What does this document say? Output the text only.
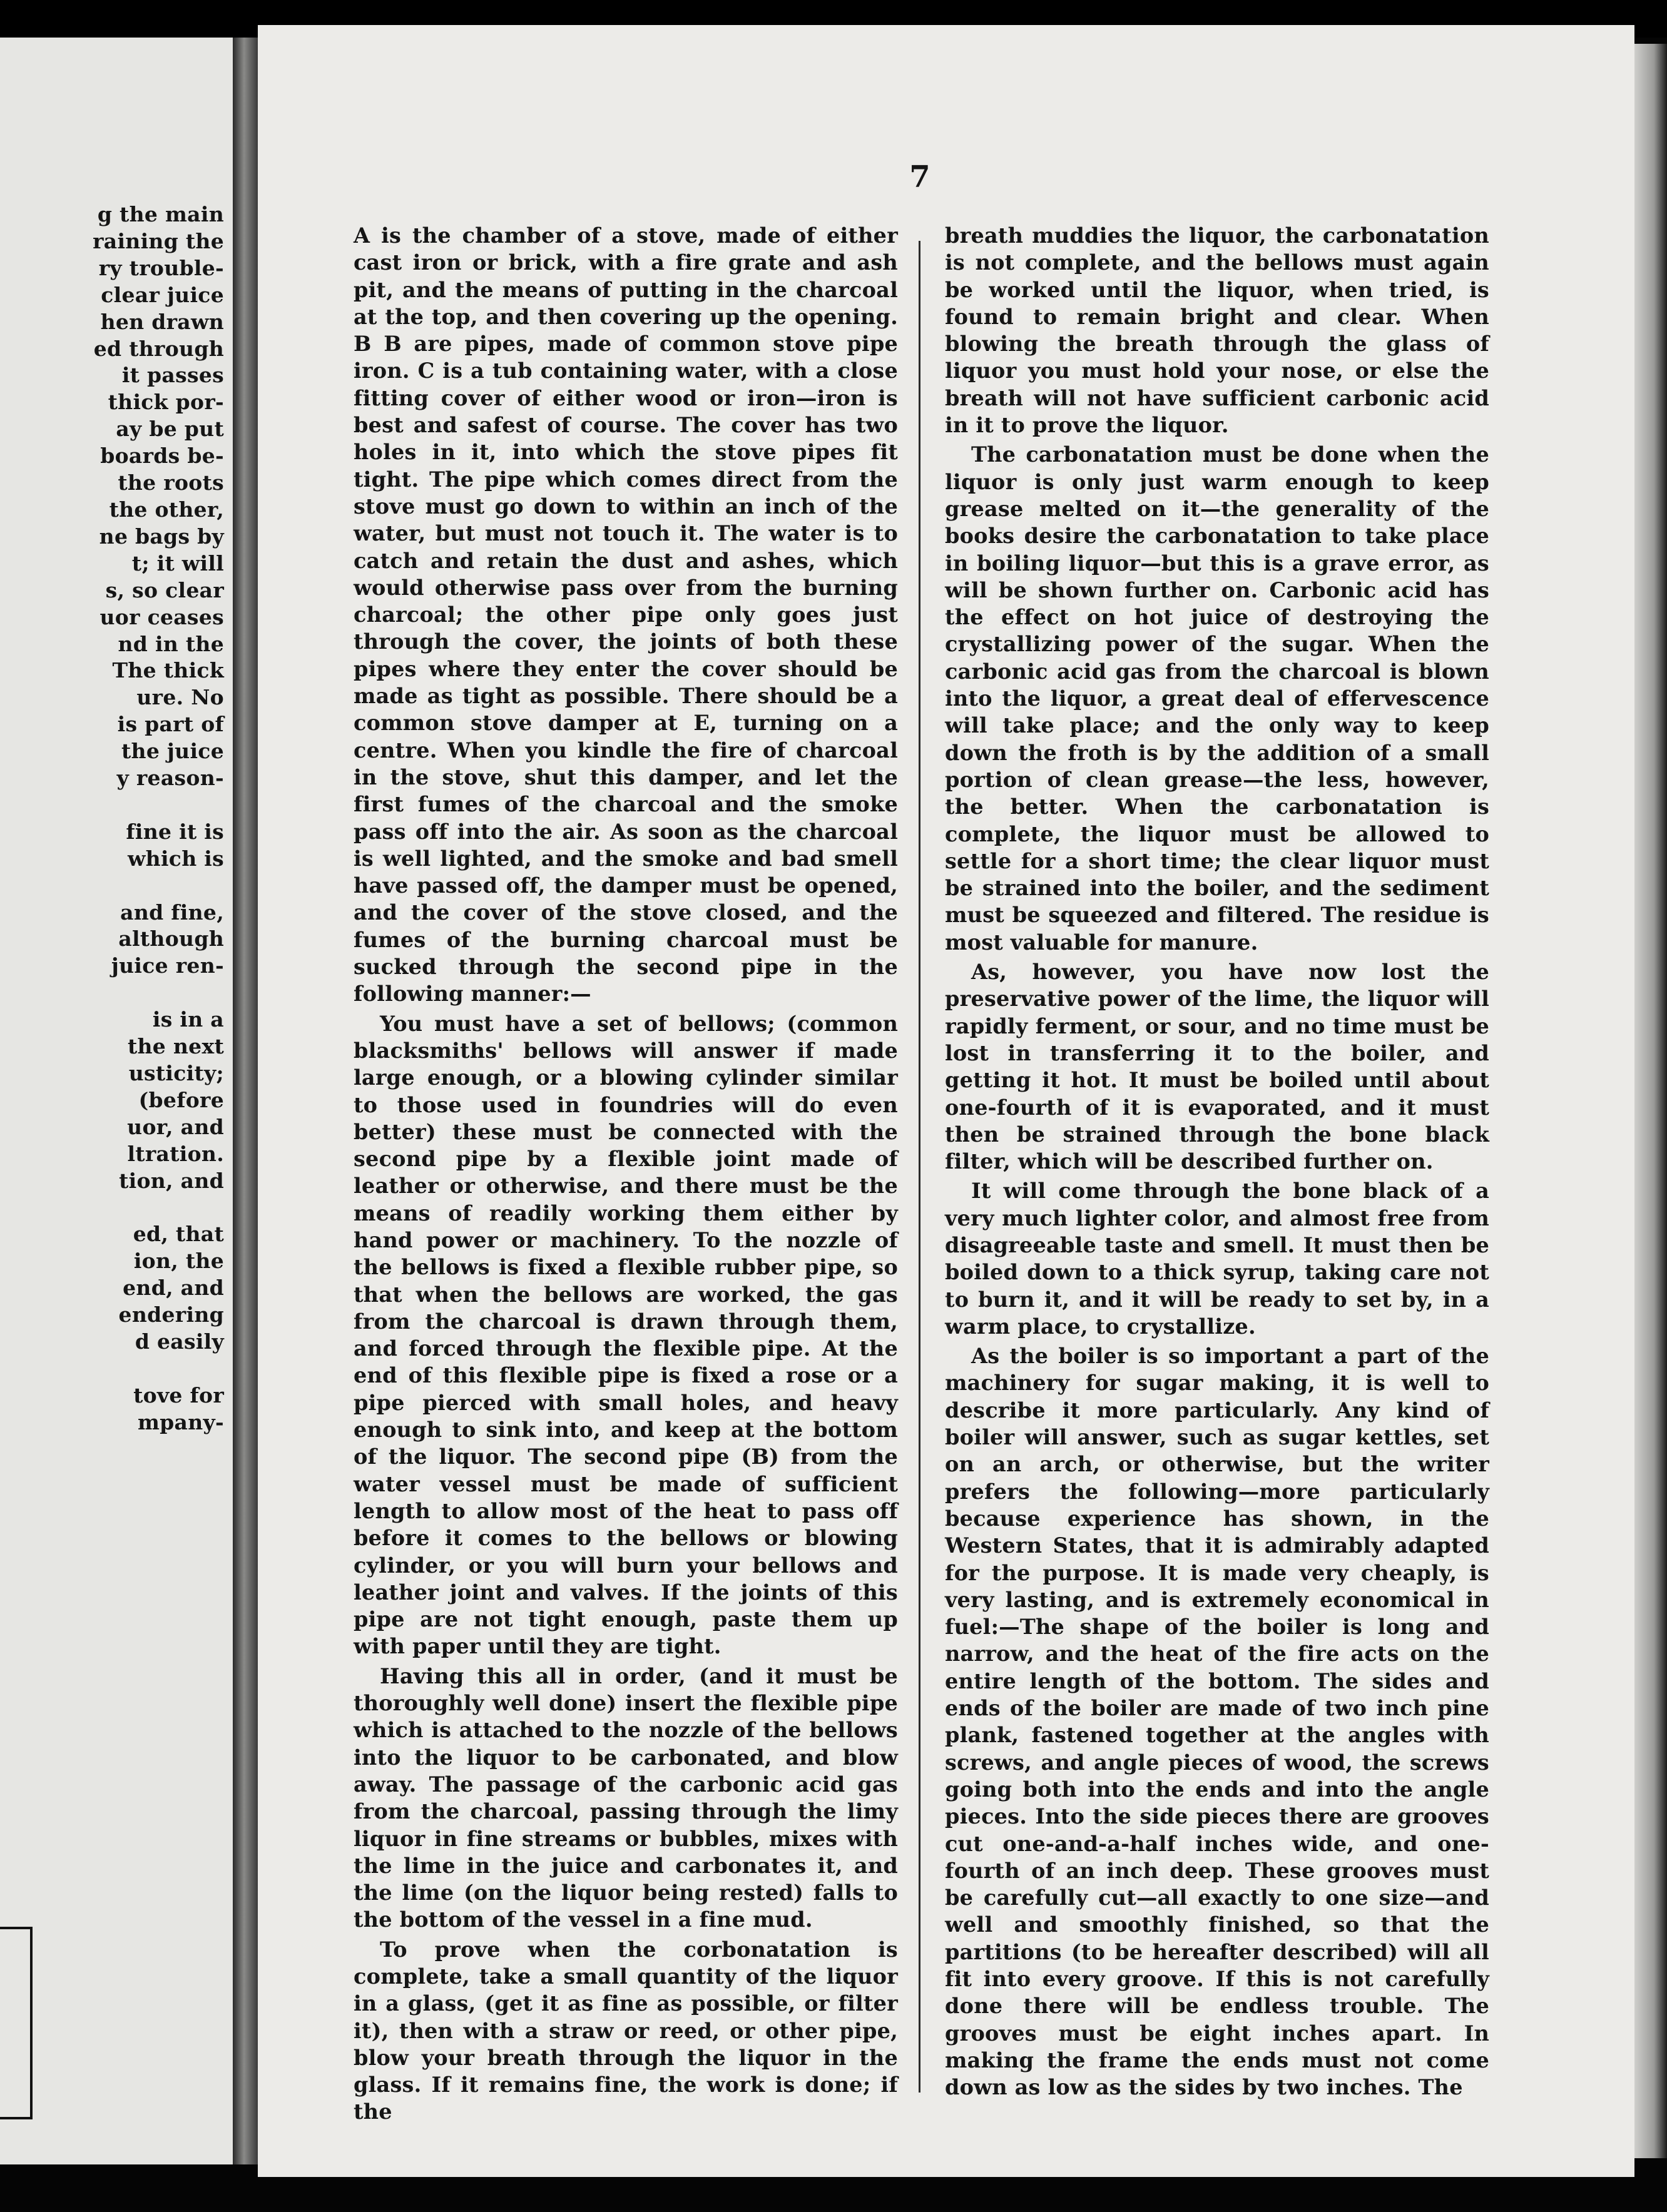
g the main
raining the
ry trouble-
clear juice
hen drawn
ed through
it passes
thick por-
ay be put
boards be-
the roots
the other,
ne bags by
t; it will
s, so clear
uor ceases
nd in the
The thick
ure. No
is part of
the juice
y reason-

fine it is
which is

and fine,
although
juice ren-

is in a
the next
usticity;
(before
uor, and
ltration.
tion, and

ed, that
ion, the
end, and
endering
d easily

tove for
mpany-
7

A is the chamber of a stove, made of either cast iron or brick, with a fire grate and ash pit, and the means of putting in the charcoal at the top, and then covering up the opening. B B are pipes, made of common stove pipe iron. C is a tub containing water, with a close fitting cover of either wood or iron—iron is best and safest of course. The cover has two holes in it, into which the stove pipes fit tight. The pipe which comes direct from the stove must go down to within an inch of the water, but must not touch it. The water is to catch and retain the dust and ashes, which would otherwise pass over from the burning charcoal; the other pipe only goes just through the cover, the joints of both these pipes where they enter the cover should be made as tight as possible. There should be a common stove damper at E, turning on a centre. When you kindle the fire of charcoal in the stove, shut this damper, and let the first fumes of the charcoal and the smoke pass off into the air. As soon as the charcoal is well lighted, and the smoke and bad smell have passed off, the damper must be opened, and the cover of the stove closed, and the fumes of the burning charcoal must be sucked through the second pipe in the following manner:—

You must have a set of bellows; (common blacksmiths' bellows will answer if made large enough, or a blowing cylinder similar to those used in foundries will do even better) these must be connected with the second pipe by a flexible joint made of leather or otherwise, and there must be the means of readily working them either by hand power or machinery. To the nozzle of the bellows is fixed a flexible rubber pipe, so that when the bellows are worked, the gas from the charcoal is drawn through them, and forced through the flexible pipe. At the end of this flexible pipe is fixed a rose or a pipe pierced with small holes, and heavy enough to sink into, and keep at the bottom of the liquor. The second pipe (B) from the water vessel must be made of sufficient length to allow most of the heat to pass off before it comes to the bellows or blowing cylinder, or you will burn your bellows and leather joint and valves. If the joints of this pipe are not tight enough, paste them up with paper until they are tight.

Having this all in order, (and it must be thoroughly well done) insert the flexible pipe which is attached to the nozzle of the bellows into the liquor to be carbonated, and blow away. The passage of the carbonic acid gas from the charcoal, passing through the limy liquor in fine streams or bubbles, mixes with the lime in the juice and carbonates it, and the lime (on the liquor being rested) falls to the bottom of the vessel in a fine mud.

To prove when the corbonatation is complete, take a small quantity of the liquor in a glass, (get it as fine as possible, or filter it), then with a straw or reed, or other pipe, blow your breath through the liquor in the glass. If it remains fine, the work is done; if the

breath muddies the liquor, the carbonatation is not complete, and the bellows must again be worked until the liquor, when tried, is found to remain bright and clear. When blowing the breath through the glass of liquor you must hold your nose, or else the breath will not have sufficient carbonic acid in it to prove the liquor.

The carbonatation must be done when the liquor is only just warm enough to keep grease melted on it—the generality of the books desire the carbonatation to take place in boiling liquor—but this is a grave error, as will be shown further on. Carbonic acid has the effect on hot juice of destroying the crystallizing power of the sugar. When the carbonic acid gas from the charcoal is blown into the liquor, a great deal of effervescence will take place; and the only way to keep down the froth is by the addition of a small portion of clean grease—the less, however, the better. When the carbonatation is complete, the liquor must be allowed to settle for a short time; the clear liquor must be strained into the boiler, and the sediment must be squeezed and filtered. The residue is most valuable for manure.

As, however, you have now lost the preservative power of the lime, the liquor will rapidly ferment, or sour, and no time must be lost in transferring it to the boiler, and getting it hot. It must be boiled until about one-fourth of it is evaporated, and it must then be strained through the bone black filter, which will be described further on.

It will come through the bone black of a very much lighter color, and almost free from disagreeable taste and smell. It must then be boiled down to a thick syrup, taking care not to burn it, and it will be ready to set by, in a warm place, to crystallize.

As the boiler is so important a part of the machinery for sugar making, it is well to describe it more particularly. Any kind of boiler will answer, such as sugar kettles, set on an arch, or otherwise, but the writer prefers the following—more particularly because experience has shown, in the Western States, that it is admirably adapted for the purpose. It is made very cheaply, is very lasting, and is extremely economical in fuel:—The shape of the boiler is long and narrow, and the heat of the fire acts on the entire length of the bottom. The sides and ends of the boiler are made of two inch pine plank, fastened together at the angles with screws, and angle pieces of wood, the screws going both into the ends and into the angle pieces. Into the side pieces there are grooves cut one-and-a-half inches wide, and one-fourth of an inch deep. These grooves must be carefully cut—all exactly to one size—and well and smoothly finished, so that the partitions (to be hereafter described) will all fit into every groove. If this is not carefully done there will be endless trouble. The grooves must be eight inches apart. In making the frame the ends must not come down as low as the sides by two inches. The
